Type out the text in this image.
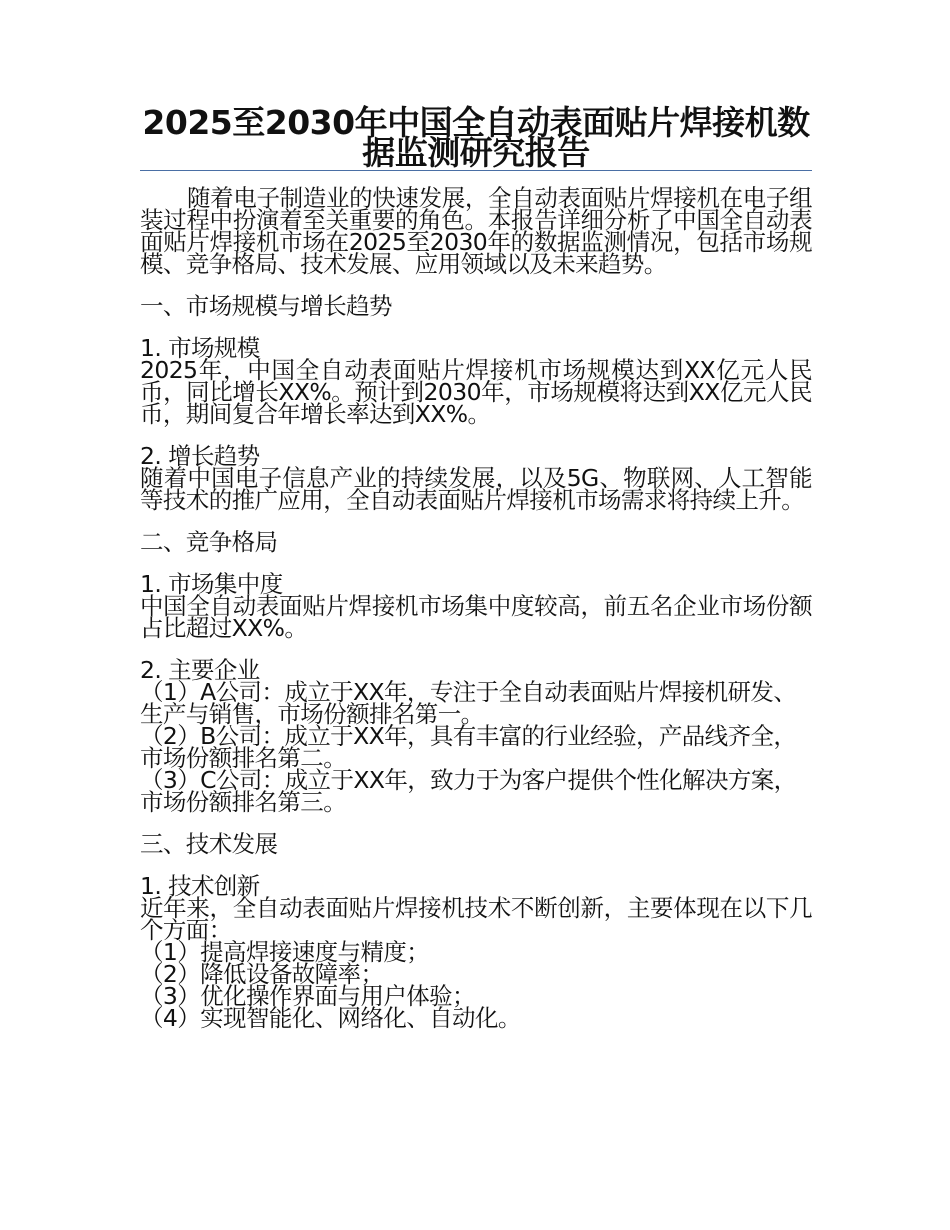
2025至2030年中国全自动表面贴片焊接机数据监测研究报告

随着电子制造业的快速发展，全自动表面贴片焊接机在电子组装过程中扮演着至关重要的角色。本报告详细分析了中国全自动表面贴片焊接机市场在2025至2030年的数据监测情况，包括市场规模、竞争格局、技术发展、应用领域以及未来趋势。

一、市场规模与增长趋势

1. 市场规模

2025年，中国全自动表面贴片焊接机市场规模达到XX亿元人民币，同比增长XX%。预计到2030年，市场规模将达到XX亿元人民币，期间复合年增长率达到XX%。

2. 增长趋势

随着中国电子信息产业的持续发展，以及5G、物联网、人工智能等技术的推广应用，全自动表面贴片焊接机市场需求将持续上升。

二、竞争格局

1. 市场集中度

中国全自动表面贴片焊接机市场集中度较高，前五名企业市场份额占比超过XX%。

2. 主要企业

（1）A公司：成立于XX年，专注于全自动表面贴片焊接机研发、生产与销售，市场份额排名第一。

（2）B公司：成立于XX年，具有丰富的行业经验，产品线齐全，市场份额排名第二。

（3）C公司：成立于XX年，致力于为客户提供个性化解决方案，市场份额排名第三。

三、技术发展

1. 技术创新

近年来，全自动表面贴片焊接机技术不断创新，主要体现在以下几个方面：

（1）提高焊接速度与精度；

（2）降低设备故障率；

（3）优化操作界面与用户体验；

（4）实现智能化、网络化、自动化。
